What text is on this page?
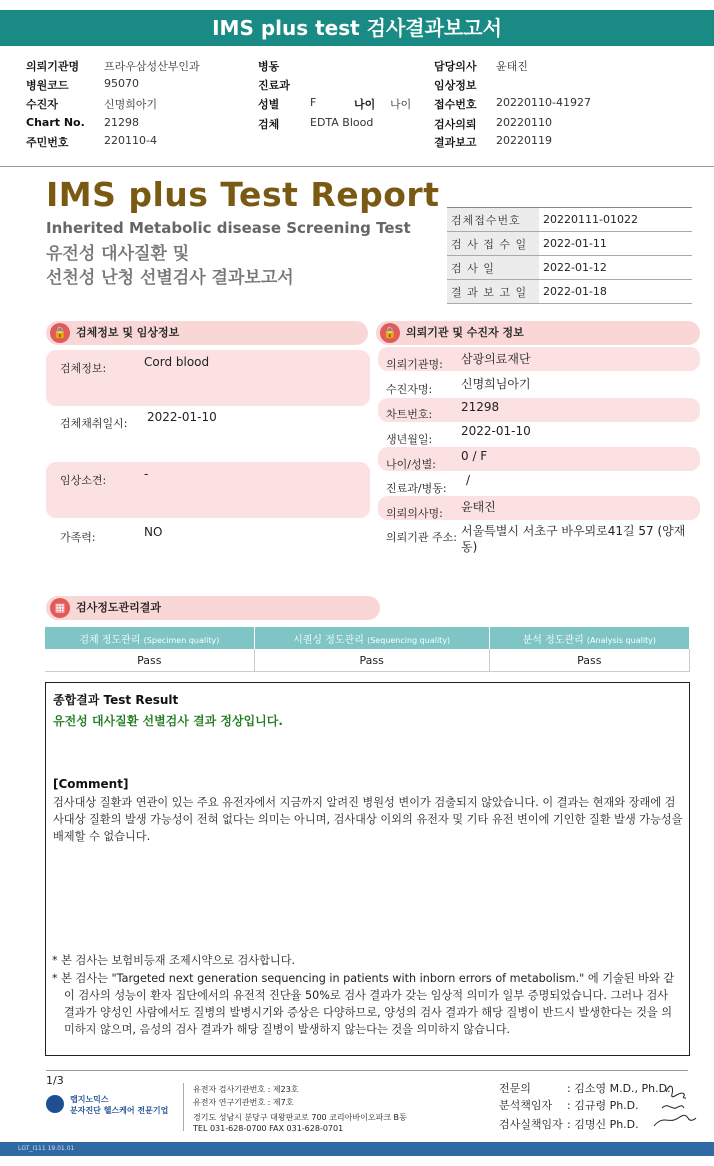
IMS plus test 검사결과보고서
의뢰기관명 프라우삼성산부인과
병원코드	95070
수진자	신명희아기
Chart No. 21298
주민번호	220110-4
병동
진료과
성별	F	나이 나이
검체	EDTA Blood
담당의사 윤태진
임상정보
접수번호 20220110-41927
검사의뢰 20220110
결과보고 20220119
IMS plus Test Report
Inherited Metabolic disease Screening Test
유전성 대사질환 및
선천성 난청 선별검사 결과보고서
검체접수번호	20220111-01022
검 사 접 수 일	2022-01-11
검 사 일	2022-01-12
결 과 보 고 일	2022-01-18
🔒 검체정보 및 임상정보
검체정보:	Cord blood
검체채취일시: 2022-01-10
임상소견:	-
가족력:	NO
🔒 의뢰기관 및 수진자 정보
의뢰기관명: 삼광의료재단
수진자명: 신명희님아기
차트번호:
21298
생년월일:
2022-01-10
나이/성별:
0 / F
진료과/병동:
/
의뢰의사명: 윤태진
의뢰기관 주소: 서울특별시 서초구 바우뫼로41길 57 (양재동)
▦ 검사정도관리결과
검체 정도관리 (Specimen quality)	시퀀싱 정도관리 (Sequencing quality)	분석 정도관리 (Analysis quality)
Pass	Pass	Pass
종합결과 Test Result
유전성 대사질환 선별검사 결과 정상입니다.
[Comment]
검사대상 질환과 연관이 있는 주요 유전자에서 지금까지 알려진 병원성 변이가 검출되지 않았습니다. 이 결과는 현재와 장래에 검사대상 질환의 발생 가능성이 전혀 없다는 의미는 아니며, 검사대상 이외의 유전자 및 기타 유전 변이에 기인한 질환 발생 가능성을 배제할 수 없습니다.
* 본 검사는 보험비등재 조제시약으로 검사합니다.
* 본 검사는 "Targeted next generation sequencing in patients with inborn errors of metabolism." 에 기술된 바와 같이 검사의 성능이 환자 집단에서의 유전적 진단율 50%로 검사 결과가 갖는 임상적 의미가 일부 증명되었습니다. 그러나 검사 결과가 양성인 사람에서도 질병의 발병시기와 증상은 다양하므로, 양성의 검사 결과가 해당 질병이 반드시 발생한다는 것을 의미하지 않으며, 음성의 검사 결과가 해당 질병이 발생하지 않는다는 것을 의미하지 않습니다.
1/3
랩지노믹스
분자진단 헬스케어 전문기업
유전자 검사기관번호 : 제23호
유전자 연구기관번호 : 제7호
경기도 성남시 분당구 대왕판교로 700 코리아바이오파크 B동
TEL 031-628-0700 FAX 031-628-0701
전문의	: 김소영 M.D., Ph.D.
분석책임자 : 김규령 Ph.D.
검사실책임자 : 김명신 Ph.D.
LGT_I111 19.01.01
